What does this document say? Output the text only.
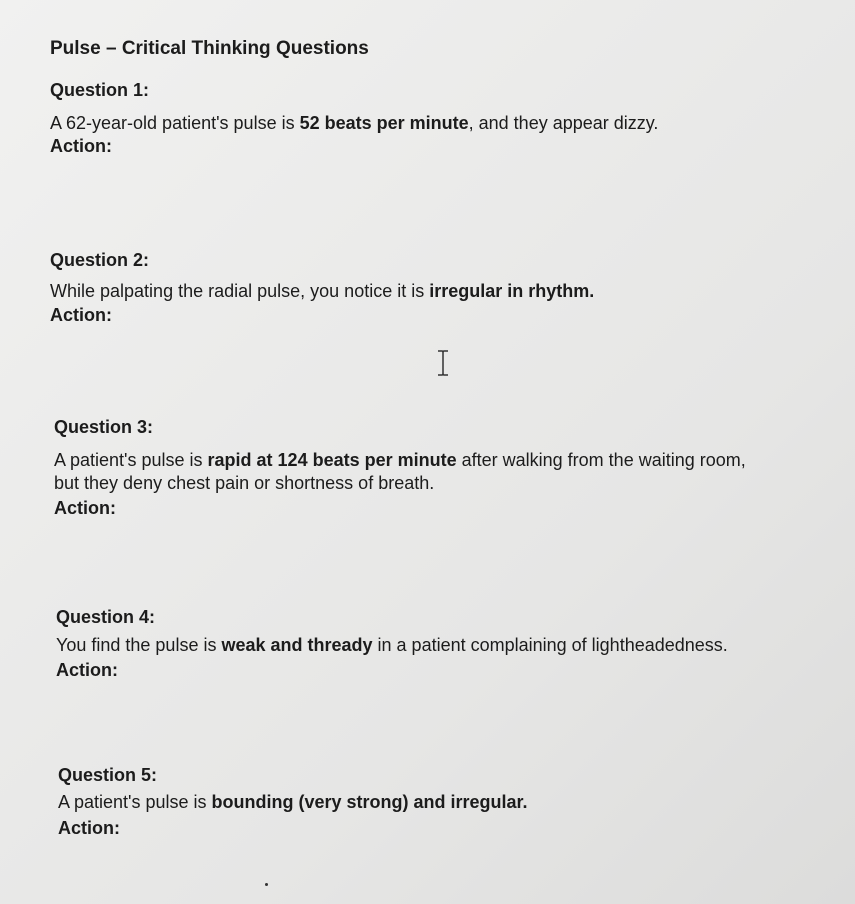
Pulse – Critical Thinking Questions
Question 1:
A 62-year-old patient's pulse is 52 beats per minute, and they appear dizzy.
Action:
Question 2:
While palpating the radial pulse, you notice it is irregular in rhythm.
Action:
Question 3:
A patient's pulse is rapid at 124 beats per minute after walking from the waiting room,
but they deny chest pain or shortness of breath.
Action:
Question 4:
You find the pulse is weak and thready in a patient complaining of lightheadedness.
Action:
Question 5:
A patient's pulse is bounding (very strong) and irregular.
Action:
